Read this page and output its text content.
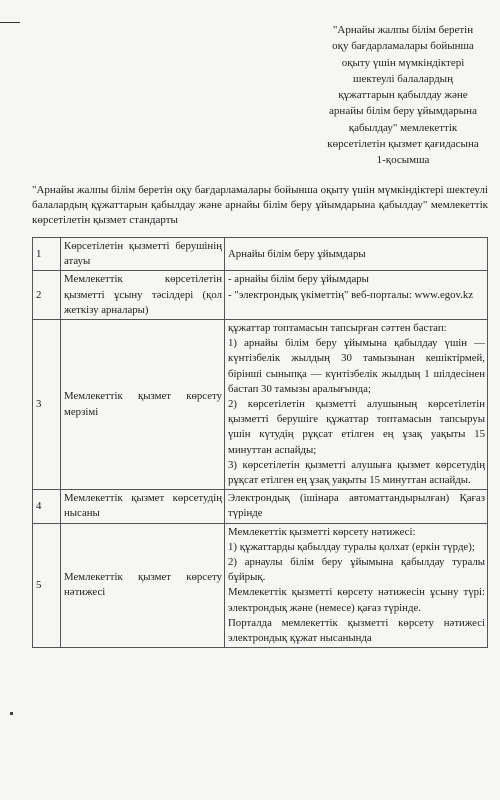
"Арнайы жалпы білім беретін
оқу бағдарламалары бойынша
оқыту үшін мүмкіндіктері
шектеулі балалардың
құжаттарын қабылдау және
арнайы білім беру ұйымдарына
қабылдау" мемлекеттік
көрсетілетін қызмет қағидасына
1-қосымша
"Арнайы жалпы білім беретін оқу бағдарламалары бойынша оқыту үшін мүмкіндіктері шектеулі балалардың құжаттарын қабылдау және арнайы білім беру ұйымдарына қабылдау" мемлекеттік көрсетілетін қызмет стандарты
1	Көрсетілетін қызметті берушінің атауы	Арнайы білім беру ұйымдары

2	Мемлекеттік көрсетілетін қызметті ұсыну тәсілдері (қол жеткізу арналары)	- арнайы білім беру ұйымдары
- "электрондық үкіметтің" веб-порталы: www.egov.kz

3	Мемлекеттік қызмет көрсету мерзімі	құжаттар топтамасын тапсырған сәттен бастап:
1) арнайы білім беру ұйымына қабылдау үшін — күнтізбелік жылдың 30 тамызынан кешіктірмей, біріншi сыныпқа — күнтізбелік жылдың 1 шілдесінен бастап 30 тамызы аралығында;
2) көрсетілетін қызметті алушының көрсетілетін қызметті берушіге құжаттар топтамасын тапсыруы үшін күтудің рұқсат етілген ең ұзақ уақыты 15 минуттан аспайды;
3) көрсетілетін қызметті алушыға қызмет көрсетудің рұқсат етілген ең ұзақ уақыты 15 минуттан аспайды.

4	Мемлекеттік қызмет көрсетудің нысаны	Электрондық (ішінара автоматтандырылған) Қағаз түрінде

5	Мемлекеттік қызмет көрсету нәтижесі	Мемлекеттік қызметті көрсету нәтижесі:
1) құжаттарды қабылдау туралы қолхат (еркін түрде);
2) арнаулы білім беру ұйымына қабылдау туралы бұйрық.
Мемлекеттік қызметті көрсету нәтижесін ұсыну түрі: электрондық және (немесе) қағаз түрінде.
Порталда мемлекеттік қызметті көрсету нәтижесі электрондық құжат нысанында
